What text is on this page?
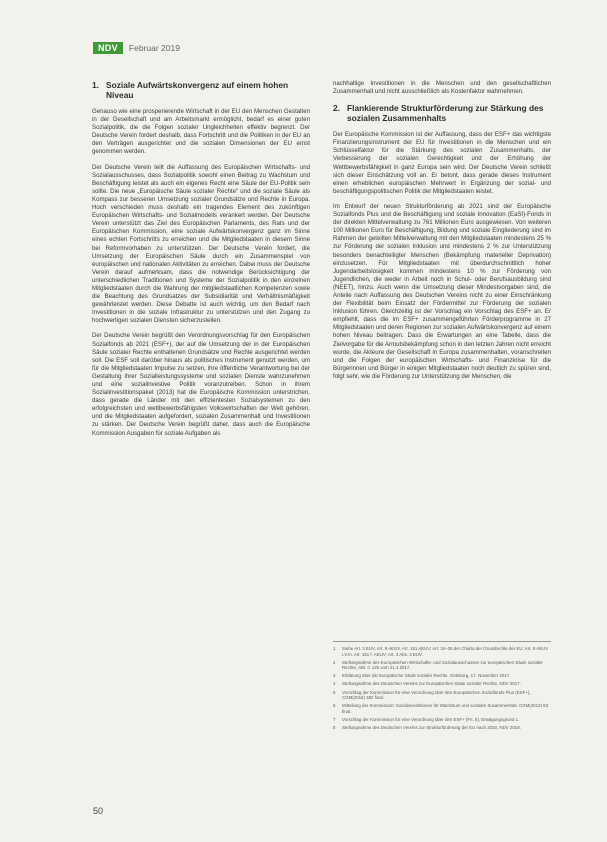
NDV	Februar 2019
1. Soziale Aufwärtskonvergenz auf einem hohen Niveau

Genauso wie eine prosperierende Wirtschaft in der EU den Menschen Gestalten in der Gesellschaft und am Arbeitsmarkt ermöglicht, bedarf es einer guten Sozialpolitik, die die Folgen sozialer Ungleichheiten effektiv begrenzt. Der Deutsche Verein fordert deshalb, dass Fortschritt und die Politiken in der EU an den Verträgen ausgerichtet und die sozialen Dimensionen der EU ernst genommen werden.

Der Deutsche Verein teilt die Auffassung des Europäischen Wirtschafts- und Sozialausschusses, dass Sozialpolitik sowohl einen Beitrag zu Wachstum und Beschäftigung leistet als auch ein eigenes Recht eine Säule der EU-Politik sein sollte. Die neue „Europäische Säule sozialer Rechte“ und die soziale Säule als Kompass zur besseren Umsetzung sozialer Grundsätze und Rechte in Europa. Hoch verschieden muss deshalb ein tragendes Element des zukünftigen Europäischen Wirtschafts- und Sozialmodells verankert werden. Der Deutsche Verein unterstützt das Ziel des Europäischen Parlaments, des Rats und der Europäischen Kommission, eine soziale Aufwärtskonvergenz ganz im Sinne eines echten Fortschritts zu erreichen und die Mitgliedstaaten in diesem Sinne bei Reformvorhaben zu unterstützen. Der Deutsche Verein fordert, die Umsetzung der Europäischen Säule durch ein Zusammenspiel von europäischen und nationalen Aktivitäten zu erreichen. Dabei muss der Deutsche Verein darauf aufmerksam, dass die notwendige Berücksichtigung der unterschiedlichen Traditionen und Systeme der Sozialpolitik in den einzelnen Mitgliedstaaten durch die Wahrung der mitgliedstaatlichen Kompetenzen sowie die Beachtung des Grundsatzes der Subsidiarität und Verhältnismäßigkeit gewährleistet werden. Diese Debatte ist auch wichtig, um den Bedarf nach Investitionen in die soziale Infrastruktur zu unterstützen und den Zugang zu hochwertigen sozialen Diensten sicherzustellen.

Der Deutsche Verein begrüßt den Verordnungsvorschlag für den Europäischen Sozialfonds ab 2021 (ESF+), der auf die Umsetzung der in der Europäischen Säule sozialer Rechte enthaltenen Grundsätze und Rechte ausgerichtet werden soll. Die ESF soll darüber hinaus als politisches Instrument genutzt werden, um für die Mitgliedstaaten Impulse zu setzen, ihre öffentliche Verantwortung bei der Gestaltung ihrer Sozialleistungssysteme und sozialen Dienste wahrzunehmen und eine sozialinvestive Politik voranzutreiben. Schon in ihrem Sozialinvestitionspaket (2013) hat die Europäische Kommission unterstrichen, dass gerade die Länder mit den effizientesten Sozialsystemen zu den erfolgreichsten und wettbewerbsfähigsten Volkswirtschaften der Welt gehören, und die Mitgliedstaaten aufgefordert, sozialen Zusammenhalt und Investitionen zu stärken. Der Deutsche Verein begrüßt daher, dass auch die Europäische Kommission Ausgaben für soziale Aufgaben als

nachhaltige Investitionen in die Menschen und den gesellschaftlichen Zusammenhalt und nicht ausschließlich als Kostenfaktor wahrnehmen.

2. Flankierende Strukturförderung zur Stärkung des sozialen Zusammenhalts

Der Europäische Kommission ist der Auffassung, dass der ESF+ das wichtigste Finanzierungsinstrument der EU für Investitionen in die Menschen und ein Schlüsselfaktor für die Stärkung des sozialen Zusammenhalts, der Verbesserung der sozialen Gerechtigkeit und der Erhöhung der Wettbewerbsfähigkeit in ganz Europa sein wird. Der Deutsche Verein schließt sich dieser Einschätzung voll an. Er betont, dass gerade dieses Instrument einen erheblichen europäischen Mehrwert in Ergänzung der sozial- und beschäftigungspolitischen Politik der Mitgliedstaaten leistet.

Im Entwurf der neuen Strukturförderung ab 2021 sind der Europäische Sozialfonds Plus und die Beschäftigung und soziale Innovation (EaSI)-Fonds in der direkten Mittelverwaltung zu 761 Millionen Euro ausgewiesen. Von weiteren 100 Millionen Euro für Beschäftigung, Bildung und soziale Eingliederung sind im Rahmen der geteilten Mittelverwaltung mit den Mitgliedstaaten mindestens 25 % zur Förderung der sozialen Inklusion und mindestens 2 % zur Unterstützung besonders benachteiligter Menschen (Bekämpfung materieller Deprivation) einzusetzen. Für Mitgliedstaaten mit überdurchschnittlich hoher Jugendarbeitslosigkeit kommen mindestens 10 % zur Förderung von Jugendlichen, die weder in Arbeit noch in Schul- oder Berufsausbildung sind (NEET), hinzu. Auch wenn die Umsetzung dieser Mindestvorgaben sind, die Anteile nach Auffassung des Deutschen Vereins nicht zu einer Einschränkung der Flexibilität beim Einsatz der Fördermittel zur Förderung der sozialen Inklusion führen. Gleichzeitig ist der Vorschlag ein Vorschlag des ESF+ an. Er empfiehlt, dass die im ESF+ zusammengeführten Förderprogramme in 27 Mitgliedstaaten und deren Regionen zur sozialen Aufwärtskonvergenz auf einem hohen Niveau beitragen. Dass die Erwartungen an eine Tabelle, dass die Zielvorgabe für die Armutsbekämpfung schon in den letzten Jahren nicht erreicht wurde, die Akteure der Gesellschaft in Europa zusammenhalten, voranschreiten und die Folgen der europäischen Wirtschafts- und Finanzkrise für die Bürgerinnen und Bürger in einigen Mitgliedstaaten noch deutlich zu spüren sind, folgt sehr, wie die Förderung zur Unterstützung der Menschen, die

1	Siehe Art. 3 EUV, Art. 9 AEUV, Art. 151 AEUV; Art. 34–38 der Charta der Grundrechte der EU; Art. 9 AEUV i.V.m. Art. 151 f. AEUV; Art. 3 Abs. 3 EUV.
2	Stellungnahme des Europäischen Wirtschafts- und Sozialausschusses zur europäischen Säule sozialer Rechte, ABl. C 125 vom 21.4.2017.
3	Erklärung über die Europäische Säule sozialer Rechte, Göteborg, 17. November 2017.
4	Stellungnahme des Deutschen Vereins zur Europäischen Säule sozialer Rechte, NDV 2017.
5	Vorschlag der Kommission für eine Verordnung über den Europäischen Sozialfonds Plus (ESF+), COM(2018) 382 final.
6	Mitteilung der Kommission: Sozialinvestitionen für Wachstum und sozialen Zusammenhalt, COM(2013) 83 final.
7	Vorschlag der Kommission für eine Verordnung über den ESF+ (Fn. 5), Erwägungsgrund 1.
8	Stellungnahme des Deutschen Vereins zur Strukturförderung der EU nach 2020, NDV 2018.
50
